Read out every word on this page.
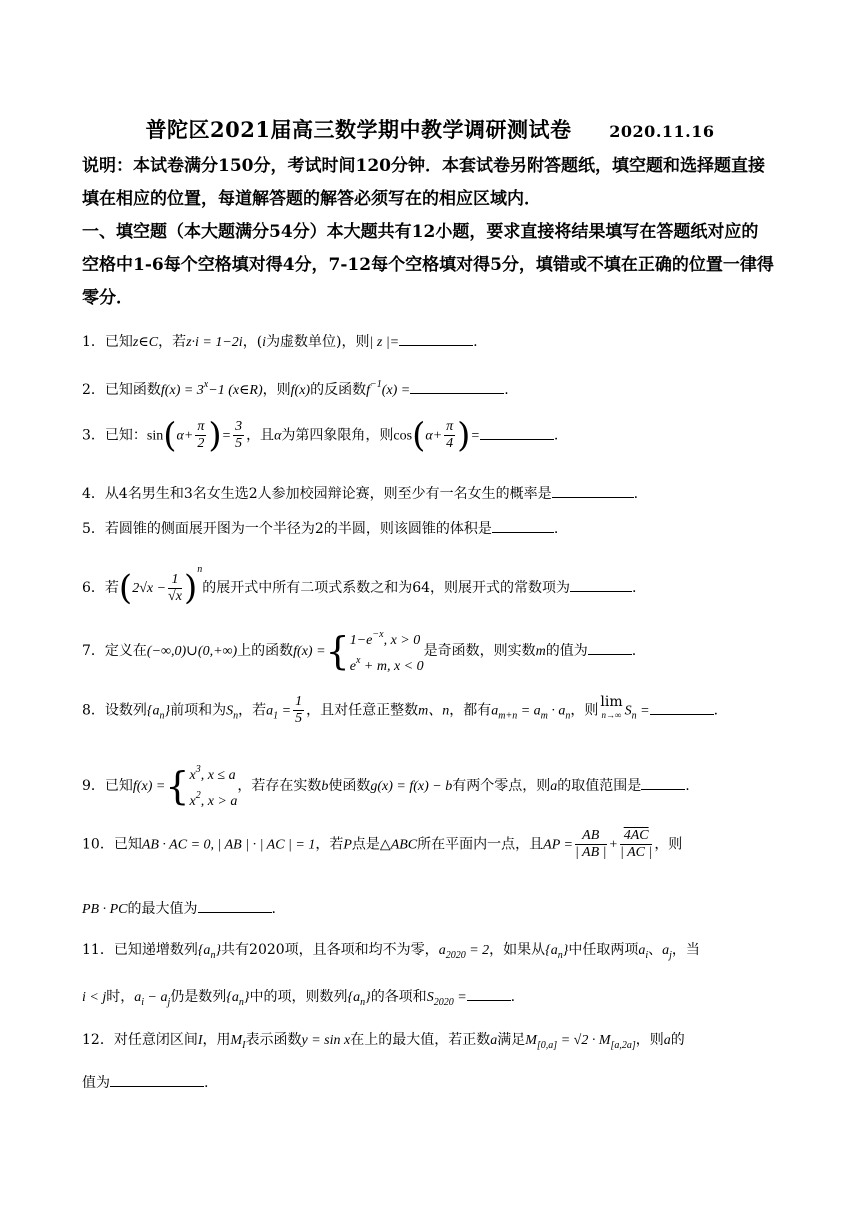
普陀区2021届高三数学期中教学调研测试卷 2020.11.16
说明：本试卷满分150分，考试时间120分钟．本套试卷另附答题纸，填空题和选择题直接
填在相应的位置，每道解答题的解答必须写在的相应区域内．
一、填空题（本大题满分54分）本大题共有12小题，要求直接将结果填写在答题纸对应的
空格中1-6每个空格填对得4分，7-12每个空格填对得5分，填错或不填在正确的位置一律得
零分．
1．已知z∈C，若z·i = 1−2i，(i为虚数单位)，则| z |=	.
2．已知函数$f(x) = 3^x-1$ (x∈R)，则f(x)的反函数$f^{-1}(x)$ =	.
3．已知：$\sin(\alpha+ \frac{\pi}{2}$ )= $\frac{3}{5}$ ，且α为第四象限角，则$\cos(\alpha+ \frac{\pi}{4}$ )=	.
4．从4名男生和3名女生选2人参加校园辩论赛，则至少有一名女生的概率是	.
5．若圆锥的侧面展开图为一个半径为2的半圆，则该圆锥的体积是	.
6．若$(2√x - \frac{1}{√x} )^n$的展开式中所有二项式系数之和为64，则展开式的常数项为	.
7．定义在(−∞,0)∪(0,+∞)上的函数f(x) ={ $1-e^{-x}$, x > 0
$e^x + m$, x < 0
是奇函数，则实数m的值为	.
8．设数列$\{a_n\}$前项和为$S_n$，若$a_1 = \frac{1}{5}$ ，且对任意正整数m、n，都有$a_{m+n} = a_m \cdot a_n$，则
lim
n→∞ $S_n$ =	.
9．已知f(x) ={ $x^3$, x ≤ a
$x^2$, x > a
，若存在实数b使函数g(x) = f(x) − b有两个零点，则a的取值范围是	.
10．已知AB · AC = 0, | AB | · | AC | = 1，若P点是△ABC所在平面内一点，且AP = $\frac{AB}{| AB |} + \frac{4AC}{| AC |}$ ，则
PB · PC的最大值为	.
11．已知递增数列$\{a_n\}$共有2020项，且各项和均不为零，$a_{2020} = 2$，如果从$\{a_n\}$中任取两项$a_i$、$a_j$，当
i < j时，$a_i - a_j$仍是数列$\{a_n\}$中的项，则数列$\{a_n\}$的各项和$S_{2020}$ =	.
12．对任意闭区间I，用$M_I$表示函数y = sin x在上的最大值，若正数a满足$M_{[0,a]} = √2 \cdot M_{[a,2a]}$，则a的
值为	.
